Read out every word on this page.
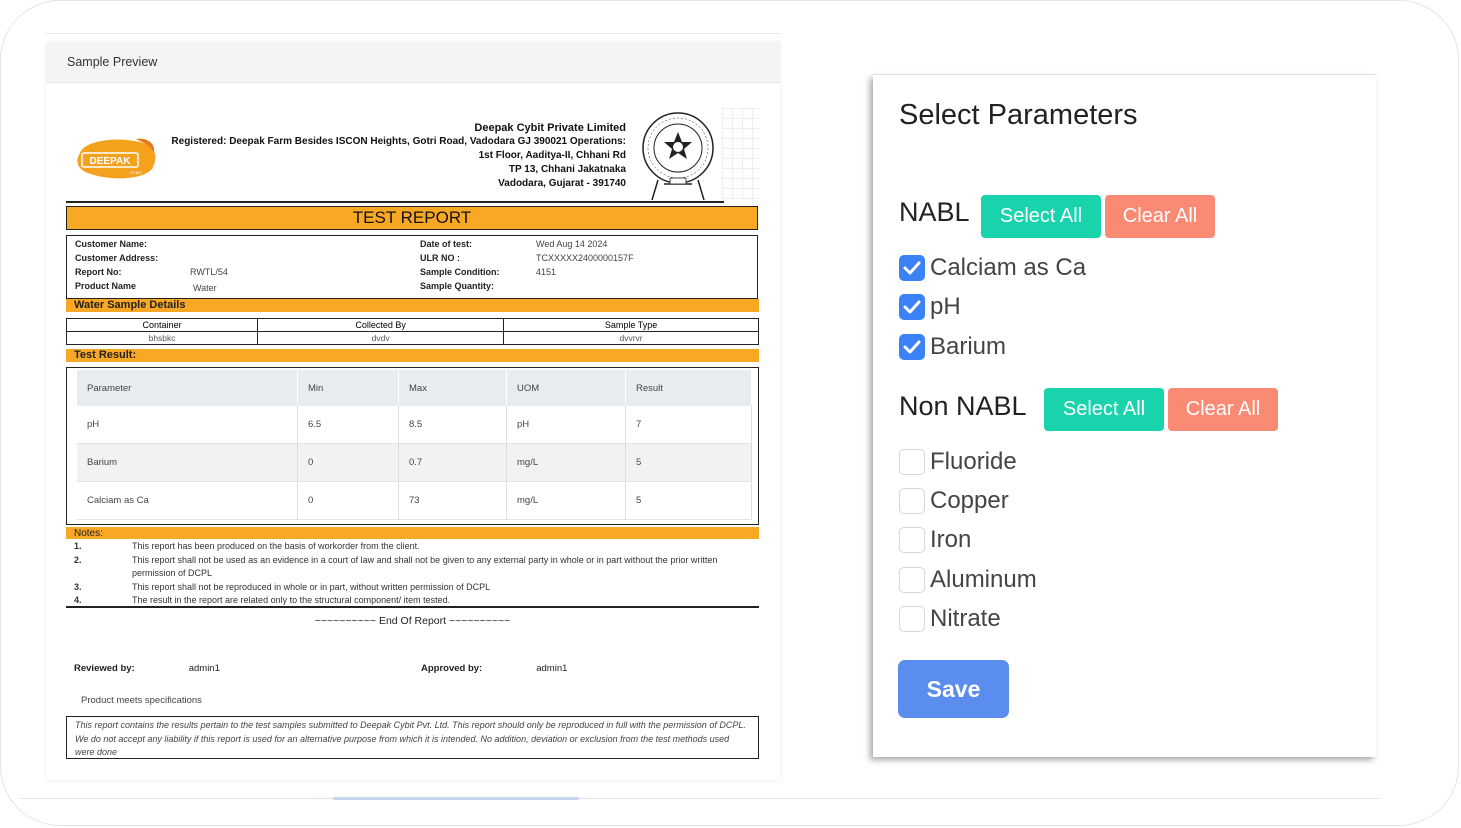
Sample Preview
DEEPAK
CYBIT
Deepak Cybit Private Limited
Registered: Deepak Farm Besides ISCON Heights, Gotri Road, Vadodara GJ 390021 Operations:
1st Floor, Aaditya-II, Chhani Rd
TP 13, Chhani Jakatnaka
Vadodara, Gujarat - 391740
TEST REPORT
Customer Name:
Customer Address:
Report No:	RWTL/54
Product Name	Water
Date of test:	Wed Aug 14 2024
ULR NO :	TCXXXXX2400000157F
Sample Condition:	4151
Sample Quantity:
Water Sample Details
Container	Collected By	Sample Type
bhsbkc	dvdv	dvvrvr
Test Result:
Parameter	Min	Max	UOM	Result
pH	6.5	8.5	pH	7
Barium	0	0.7	mg/L	5
Calciam as Ca	0	73	mg/L	5
Notes:
1.	This report has been produced on the basis of workorder from the client.
2.	This report shall not be used as an evidence in a court of law and shall not be given to any external party in whole or in part without the prior written permission of DCPL
3.	This report shall not be reproduced in whole or in part, without written permission of DCPL
4.	The result in the report are related only to the structural component/ item tested.
~~~~~~~~~~ End Of Report ~~~~~~~~~~
Reviewed by:	admin1	Approved by:	admin1
Product meets specifications
This report contains the results pertain to the test samples submitted to Deepak Cybit Pvt. Ltd. This report should only be reproduced in full with the permission of DCPL. We do not accept any liability if this report is used for an alternative purpose from which it is intended. No addition, deviation or exclusion from the test methods used were done
Select Parameters
NABL	Select All	Clear All
Calciam as Ca
pH
Barium
Non NABL	Select All	Clear All
Fluoride
Copper
Iron
Aluminum
Nitrate
Save
